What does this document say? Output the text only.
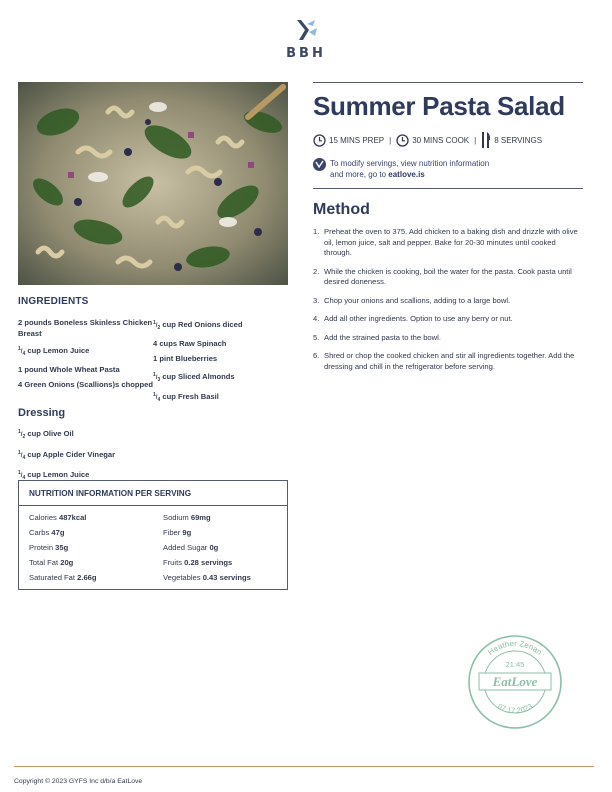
BBH
Summer Pasta Salad
15 MINS PREP |	30 MINS COOK | 8 SERVINGS
To modify servings, view nutrition information
and more, go to eatlove.is
Method
1. Preheat the oven to 375. Add chicken to a baking dish and drizzle with olive oil, lemon juice, salt and pepper. Bake for 20-30 minutes until cooked through.
2. While the chicken is cooking, boil the water for the pasta. Cook pasta until desired doneness.
3. Chop your onions and scallions, adding to a large bowl.
4. Add all other ingredients. Option to use any berry or nut.
5. Add the strained pasta to the bowl.
6. Shred or chop the cooked chicken and stir all ingredients together. Add the dressing and chill in the refrigerator before serving.
INGREDIENTS
2 pounds Boneless Skinless Chicken Breast
$^1/_4$ cup Lemon Juice
1 pound Whole Wheat Pasta
4 Green Onions (Scallions)s chopped
$^1/_2$ cup Red Onions diced
4 cups Raw Spinach
1 pint Blueberries
$^1/_3$ cup Sliced Almonds
$^1/_4$ cup Fresh Basil
Dressing
$^1/_2$ cup Olive Oil
$^1/_4$ cup Apple Cider Vinegar
$^1/_4$ cup Lemon Juice
NUTRITION INFORMATION PER SERVING
Calories 487kcal
Carbs 47g
Protein 35g
Total Fat 20g
Saturated Fat 2.66g
Sodium 69mg
Fiber 9g
Added Sugar 0g
Fruits 0.28 servings
Vegetables 0.43 servings
Heather Zenan
21:45
EatLove
07.17.2023
Copyright © 2023 GYFS Inc d/b/a EatLove
